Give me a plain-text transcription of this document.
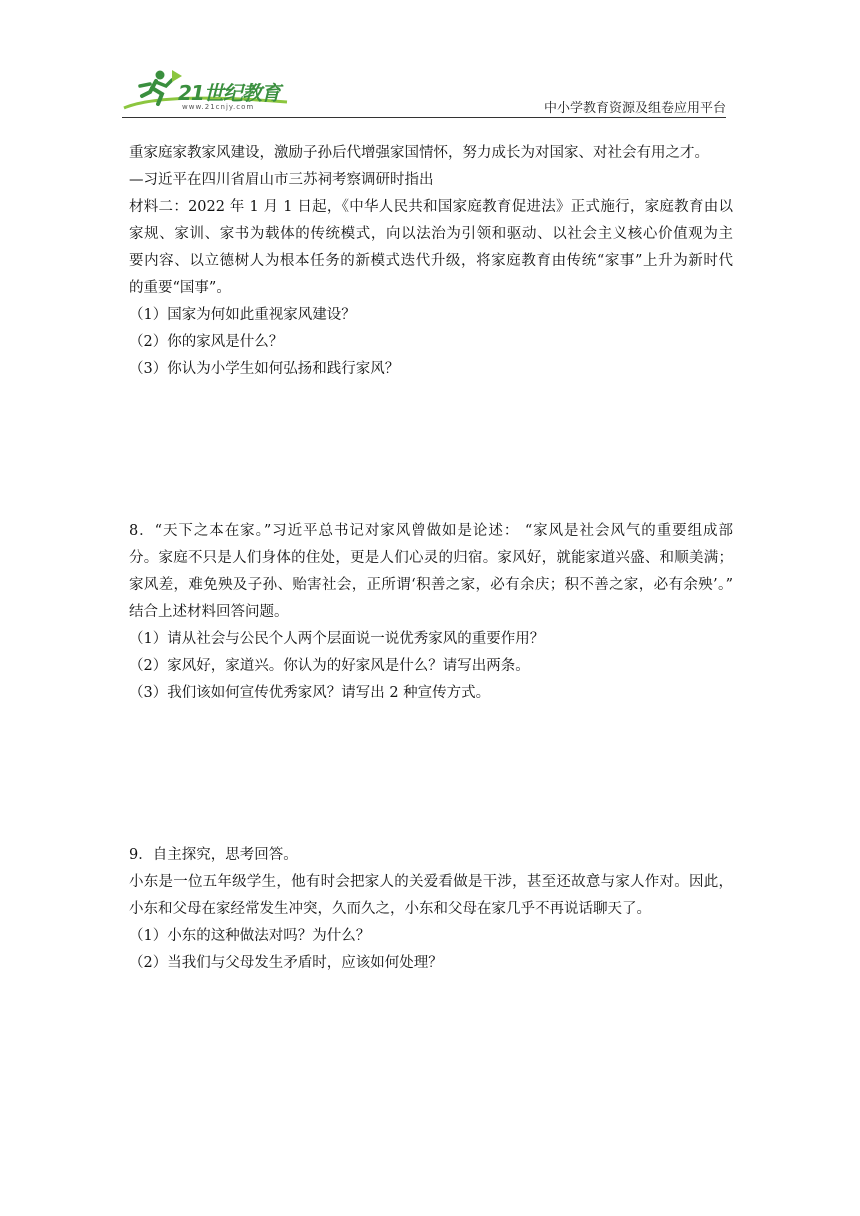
21世纪教育
www.21cnjy.com	中小学教育资源及组卷应用平台

重家庭家教家风建设，激励子孙后代增强家国情怀，努力成长为对国家、对社会有用之才。

—习近平在四川省眉山市三苏祠考察调研时指出

材料二：2022 年 1 月 1 日起，《中华人民共和国家庭教育促进法》正式施行，家庭教育由以

家规、家训、家书为载体的传统模式，向以法治为引领和驱动、以社会主义核心价值观为主

要内容、以立德树人为根本任务的新模式迭代升级，将家庭教育由传统“家事”上升为新时代

的重要“国事”。

（1）国家为何如此重视家风建设？

（2）你的家风是什么？

（3）你认为小学生如何弘扬和践行家风？

8．“天下之本在家。”习近平总书记对家风曾做如是论述： “家风是社会风气的重要组成部

分。家庭不只是人们身体的住处，更是人们心灵的归宿。家风好，就能家道兴盛、和顺美满；

家风差，难免殃及子孙、贻害社会，正所谓‘积善之家，必有余庆；积不善之家，必有余殃’。”

结合上述材料回答问题。

（1）请从社会与公民个人两个层面说一说优秀家风的重要作用？

（2）家风好，家道兴。你认为的好家风是什么？请写出两条。

（3）我们该如何宣传优秀家风？请写出 2 种宣传方式。

9．自主探究，思考回答。

小东是一位五年级学生，他有时会把家人的关爱看做是干涉，甚至还故意与家人作对。因此，

小东和父母在家经常发生冲突，久而久之，小东和父母在家几乎不再说话聊天了。

（1）小东的这种做法对吗？为什么？

（2）当我们与父母发生矛盾时，应该如何处理？
